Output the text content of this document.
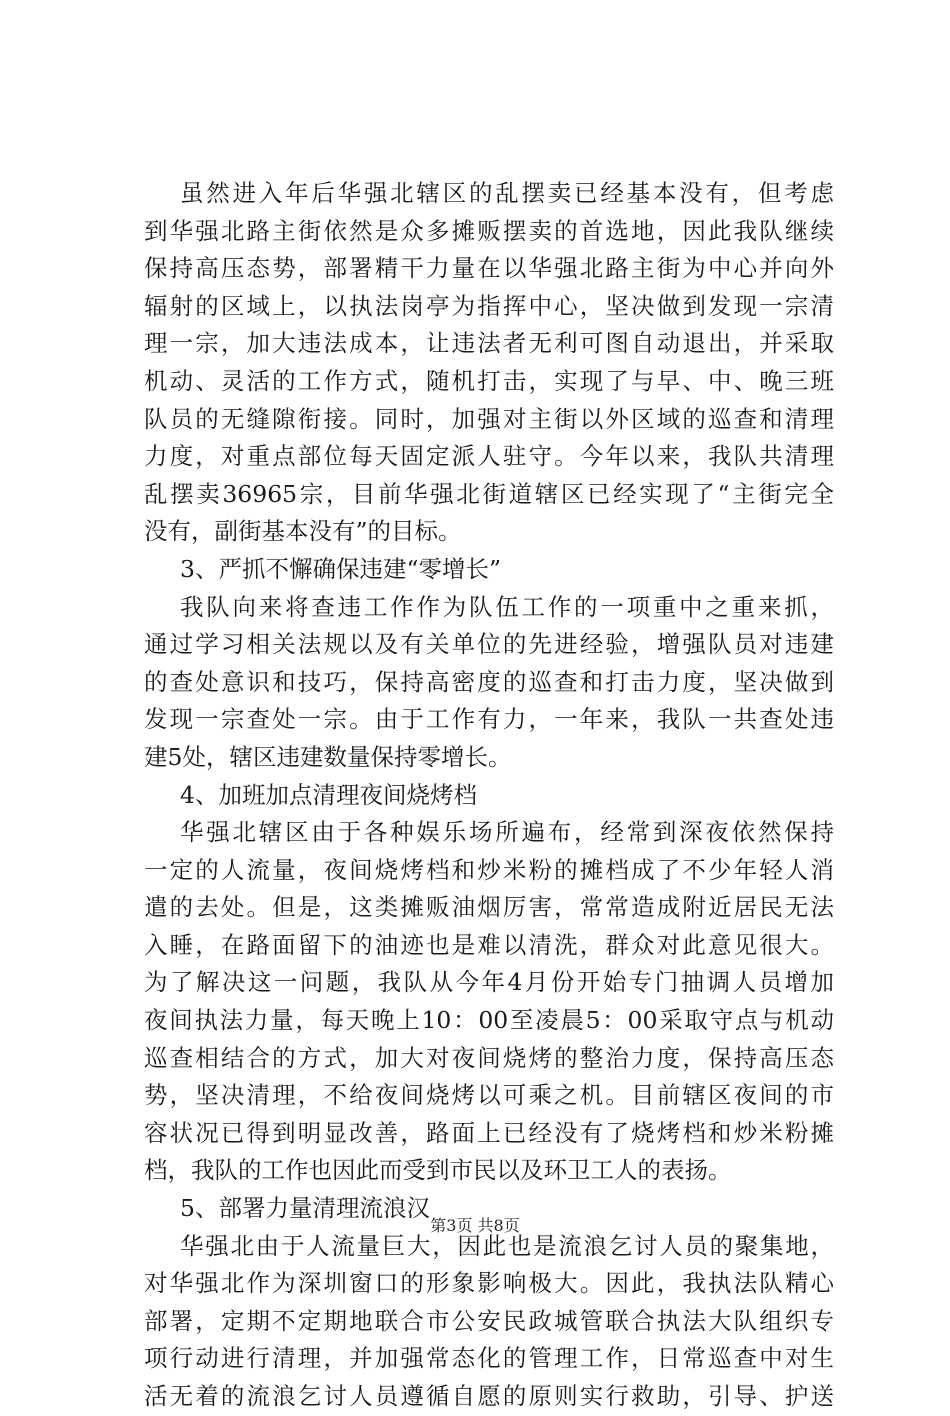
虽然进入年后华强北辖区的乱摆卖已经基本没有，但考虑
到华强北路主街依然是众多摊贩摆卖的首选地，因此我队继续
保持高压态势，部署精干力量在以华强北路主街为中心并向外
辐射的区域上，以执法岗亭为指挥中心，坚决做到发现一宗清
理一宗，加大违法成本，让违法者无利可图自动退出，并采取
机动、灵活的工作方式，随机打击，实现了与早、中、晚三班
队员的无缝隙衔接。同时，加强对主街以外区域的巡查和清理
力度，对重点部位每天固定派人驻守。今年以来，我队共清理
乱摆卖36965宗，目前华强北街道辖区已经实现了“主街完全
没有，副街基本没有”的目标。
3、严抓不懈确保违建“零增长”
我队向来将查违工作作为队伍工作的一项重中之重来抓，
通过学习相关法规以及有关单位的先进经验，增强队员对违建
的查处意识和技巧，保持高密度的巡查和打击力度，坚决做到
发现一宗查处一宗。由于工作有力，一年来，我队一共查处违
建5处，辖区违建数量保持零增长。
4、加班加点清理夜间烧烤档
华强北辖区由于各种娱乐场所遍布，经常到深夜依然保持
一定的人流量，夜间烧烤档和炒米粉的摊档成了不少年轻人消
遣的去处。但是，这类摊贩油烟厉害，常常造成附近居民无法
入睡，在路面留下的油迹也是难以清洗，群众对此意见很大。
为了解决这一问题，我队从今年4月份开始专门抽调人员增加
夜间执法力量，每天晚上10：00至凌晨5：00采取守点与机动
巡查相结合的方式，加大对夜间烧烤的整治力度，保持高压态
势，坚决清理，不给夜间烧烤以可乘之机。目前辖区夜间的市
容状况已得到明显改善，路面上已经没有了烧烤档和炒米粉摊
档，我队的工作也因此而受到市民以及环卫工人的表扬。
5、部署力量清理流浪汉
华强北由于人流量巨大，因此也是流浪乞讨人员的聚集地，
对华强北作为深圳窗口的形象影响极大。因此，我执法队精心
部署，定期不定期地联合市公安民政城管联合执法大队组织专
项行动进行清理，并加强常态化的管理工作，日常巡查中对生
活无着的流浪乞讨人员遵循自愿的原则实行救助，引导、护送
第3页 共8页
